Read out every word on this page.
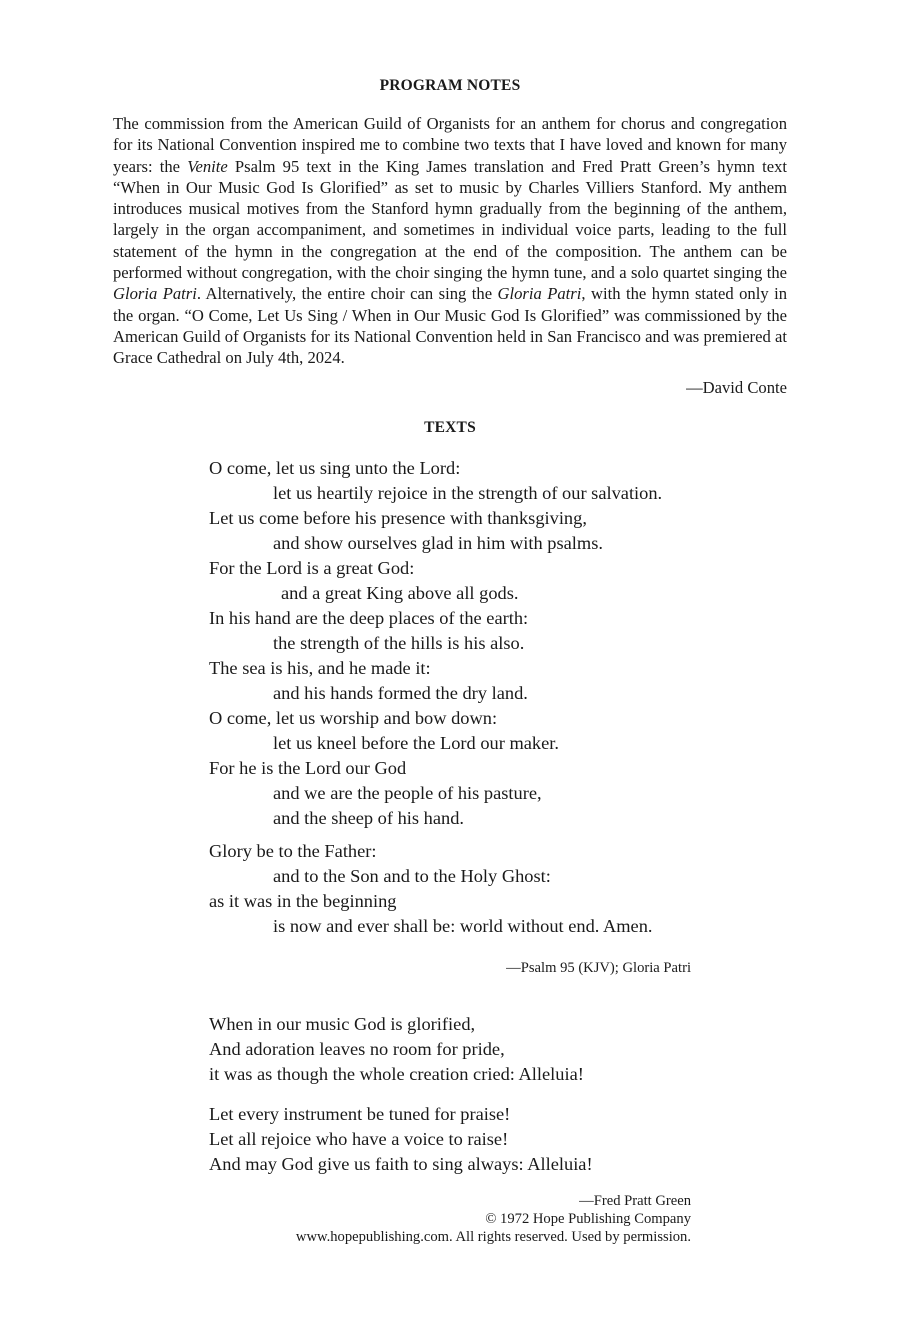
PROGRAM NOTES

The commission from the American Guild of Organists for an anthem for chorus and congregation for its National Convention inspired me to combine two texts that I have loved and known for many years: the Venite Psalm 95 text in the King James translation and Fred Pratt Green’s hymn text “When in Our Music God Is Glorified” as set to music by Charles Villiers Stanford. My anthem introduces musical motives from the Stanford hymn gradually from the beginning of the anthem, largely in the organ accompaniment, and sometimes in individual voice parts, leading to the full statement of the hymn in the congregation at the end of the composition. The anthem can be performed without congregation, with the choir singing the hymn tune, and a solo quartet singing the Gloria Patri. Alternatively, the entire choir can sing the Gloria Patri, with the hymn stated only in the organ. “O Come, Let Us Sing / When in Our Music God Is Glorified” was commissioned by the American Guild of Organists for its National Convention held in San Francisco and was premiered at Grace Cathedral on July 4th, 2024.

—David Conte
TEXTS
O come, let us sing unto the Lord:
let us heartily rejoice in the strength of our salvation.
Let us come before his presence with thanksgiving,
and show ourselves glad in him with psalms.
For the Lord is a great God:
and a great King above all gods.
In his hand are the deep places of the earth:
the strength of the hills is his also.
The sea is his, and he made it:
and his hands formed the dry land.
O come, let us worship and bow down:
let us kneel before the Lord our maker.
For he is the Lord our God
and we are the people of his pasture,
and the sheep of his hand.
Glory be to the Father:
and to the Son and to the Holy Ghost:
as it was in the beginning
is now and ever shall be: world without end. Amen.
—Psalm 95 (KJV); Gloria Patri
When in our music God is glorified,
And adoration leaves no room for pride,
it was as though the whole creation cried: Alleluia!
Let every instrument be tuned for praise!
Let all rejoice who have a voice to raise!
And may God give us faith to sing always: Alleluia!
—Fred Pratt Green
© 1972 Hope Publishing Company
www.hopepublishing.com. All rights reserved. Used by permission.
